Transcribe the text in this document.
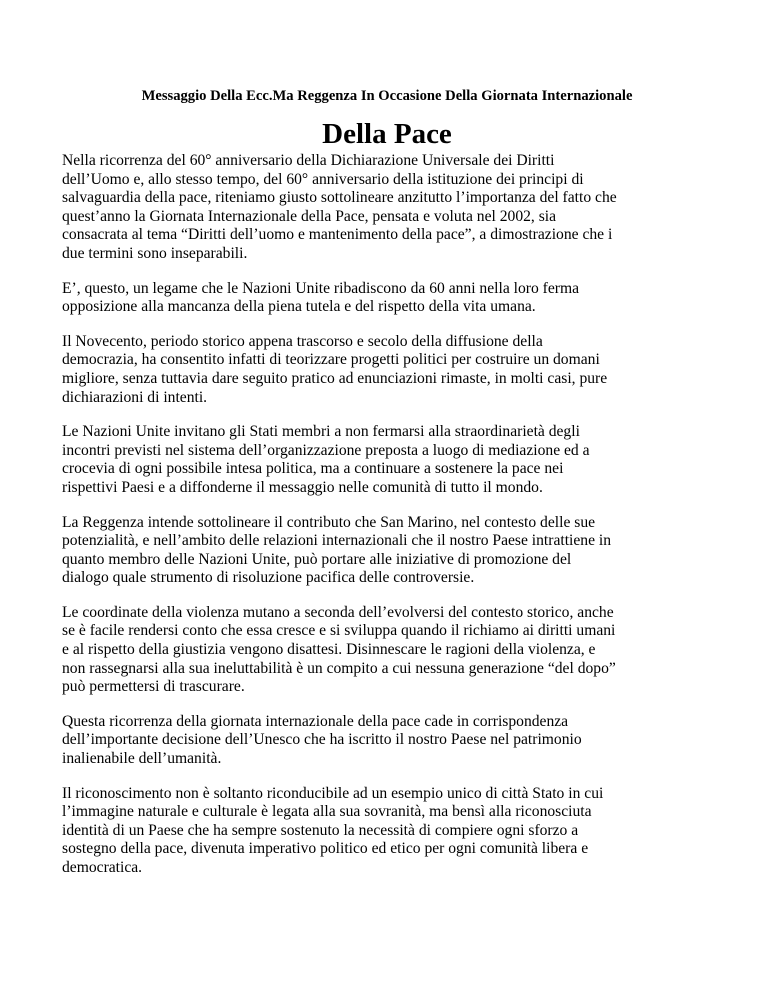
Messaggio Della Ecc.Ma Reggenza In Occasione Della Giornata Internazionale

Della Pace

Nella ricorrenza del 60° anniversario della Dichiarazione Universale dei Diritti
dell’Uomo e, allo stesso tempo, del 60° anniversario della istituzione dei principi di
salvaguardia della pace, riteniamo giusto sottolineare anzitutto l’importanza del fatto che
quest’anno la Giornata Internazionale della Pace, pensata e voluta nel 2002, sia
consacrata al tema “Diritti dell’uomo e mantenimento della pace”, a dimostrazione che i
due termini sono inseparabili.

E’, questo, un legame che le Nazioni Unite ribadiscono da 60 anni nella loro ferma
opposizione alla mancanza della piena tutela e del rispetto della vita umana.

Il Novecento, periodo storico appena trascorso e secolo della diffusione della
democrazia, ha consentito infatti di teorizzare progetti politici per costruire un domani
migliore, senza tuttavia dare seguito pratico ad enunciazioni rimaste, in molti casi, pure
dichiarazioni di intenti.

Le Nazioni Unite invitano gli Stati membri a non fermarsi alla straordinarietà degli
incontri previsti nel sistema dell’organizzazione preposta a luogo di mediazione ed a
crocevia di ogni possibile intesa politica, ma a continuare a sostenere la pace nei
rispettivi Paesi e a diffonderne il messaggio nelle comunità di tutto il mondo.

La Reggenza intende sottolineare il contributo che San Marino, nel contesto delle sue
potenzialità, e nell’ambito delle relazioni internazionali che il nostro Paese intrattiene in
quanto membro delle Nazioni Unite, può portare alle iniziative di promozione del
dialogo quale strumento di risoluzione pacifica delle controversie.

Le coordinate della violenza mutano a seconda dell’evolversi del contesto storico, anche
se è facile rendersi conto che essa cresce e si sviluppa quando il richiamo ai diritti umani
e al rispetto della giustizia vengono disattesi. Disinnescare le ragioni della violenza, e
non rassegnarsi alla sua ineluttabilità è un compito a cui nessuna generazione “del dopo”
può permettersi di trascurare.

Questa ricorrenza della giornata internazionale della pace cade in corrispondenza
dell’importante decisione dell’Unesco che ha iscritto il nostro Paese nel patrimonio
inalienabile dell’umanità.

Il riconoscimento non è soltanto riconducibile ad un esempio unico di città Stato in cui
l’immagine naturale e culturale è legata alla sua sovranità, ma bensì alla riconosciuta
identità di un Paese che ha sempre sostenuto la necessità di compiere ogni sforzo a
sostegno della pace, divenuta imperativo politico ed etico per ogni comunità libera e
democratica.
